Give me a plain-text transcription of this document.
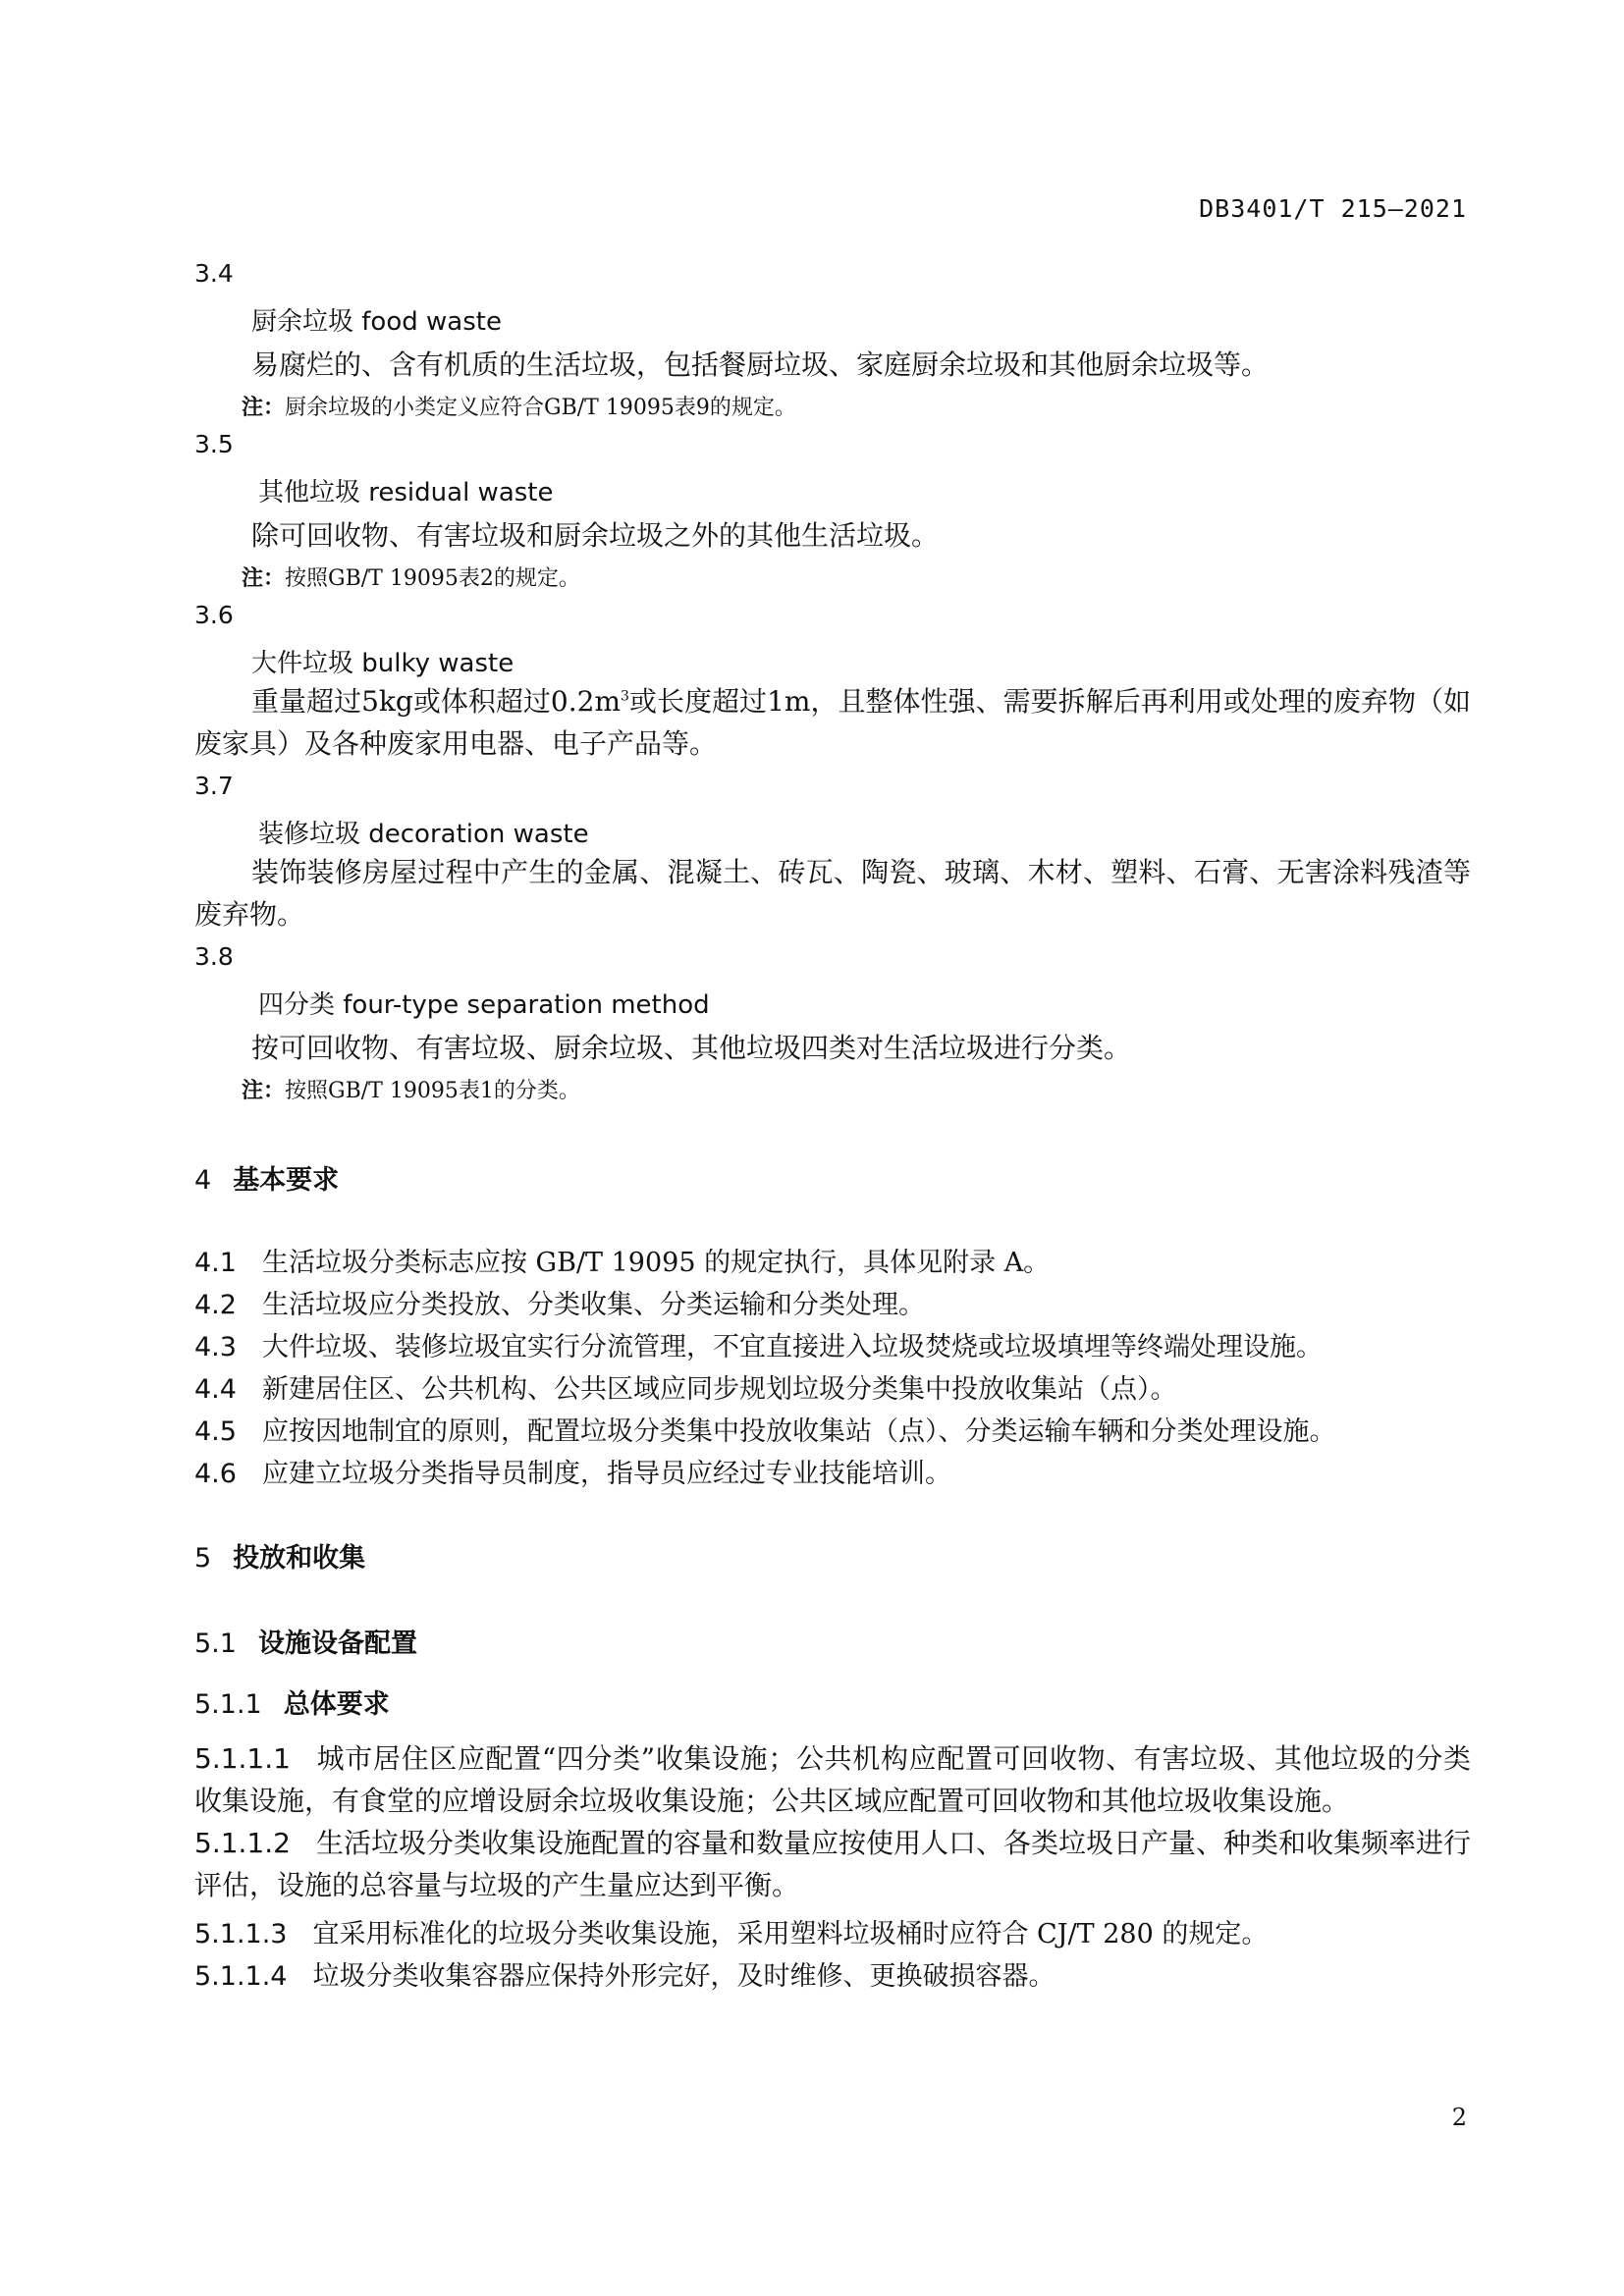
DB3401/T 215—2021
3.4
厨余垃圾 food waste
易腐烂的、含有机质的生活垃圾，包括餐厨垃圾、家庭厨余垃圾和其他厨余垃圾等。
注：厨余垃圾的小类定义应符合GB/T 19095表9的规定。
3.5
其他垃圾 residual waste
除可回收物、有害垃圾和厨余垃圾之外的其他生活垃圾。
注：按照GB/T 19095表2的规定。
3.6
大件垃圾 bulky waste
重量超过5kg或体积超过$0.2m^3$或长度超过1m，且整体性强、需要拆解后再利用或处理的废弃物（如废家具）及各种废家用电器、电子产品等。
3.7
装修垃圾 decoration waste
装饰装修房屋过程中产生的金属、混凝土、砖瓦、陶瓷、玻璃、木材、塑料、石膏、无害涂料残渣等废弃物。
3.8
四分类 four-type separation method
按可回收物、有害垃圾、厨余垃圾、其他垃圾四类对生活垃圾进行分类。
注：按照GB/T 19095表1的分类。
4 基本要求
4.1 生活垃圾分类标志应按 GB/T 19095 的规定执行，具体见附录 A。
4.2 生活垃圾应分类投放、分类收集、分类运输和分类处理。
4.3 大件垃圾、装修垃圾宜实行分流管理，不宜直接进入垃圾焚烧或垃圾填埋等终端处理设施。
4.4 新建居住区、公共机构、公共区域应同步规划垃圾分类集中投放收集站（点）。
4.5 应按因地制宜的原则，配置垃圾分类集中投放收集站（点）、分类运输车辆和分类处理设施。
4.6 应建立垃圾分类指导员制度，指导员应经过专业技能培训。
5 投放和收集
5.1 设施设备配置
5.1.1 总体要求
5.1.1.1 城市居住区应配置“四分类”收集设施；公共机构应配置可回收物、有害垃圾、其他垃圾的分类收集设施，有食堂的应增设厨余垃圾收集设施；公共区域应配置可回收物和其他垃圾收集设施。
5.1.1.2 生活垃圾分类收集设施配置的容量和数量应按使用人口、各类垃圾日产量、种类和收集频率进行评估，设施的总容量与垃圾的产生量应达到平衡。
5.1.1.3 宜采用标准化的垃圾分类收集设施，采用塑料垃圾桶时应符合 CJ/T 280 的规定。
5.1.1.4 垃圾分类收集容器应保持外形完好，及时维修、更换破损容器。
2
